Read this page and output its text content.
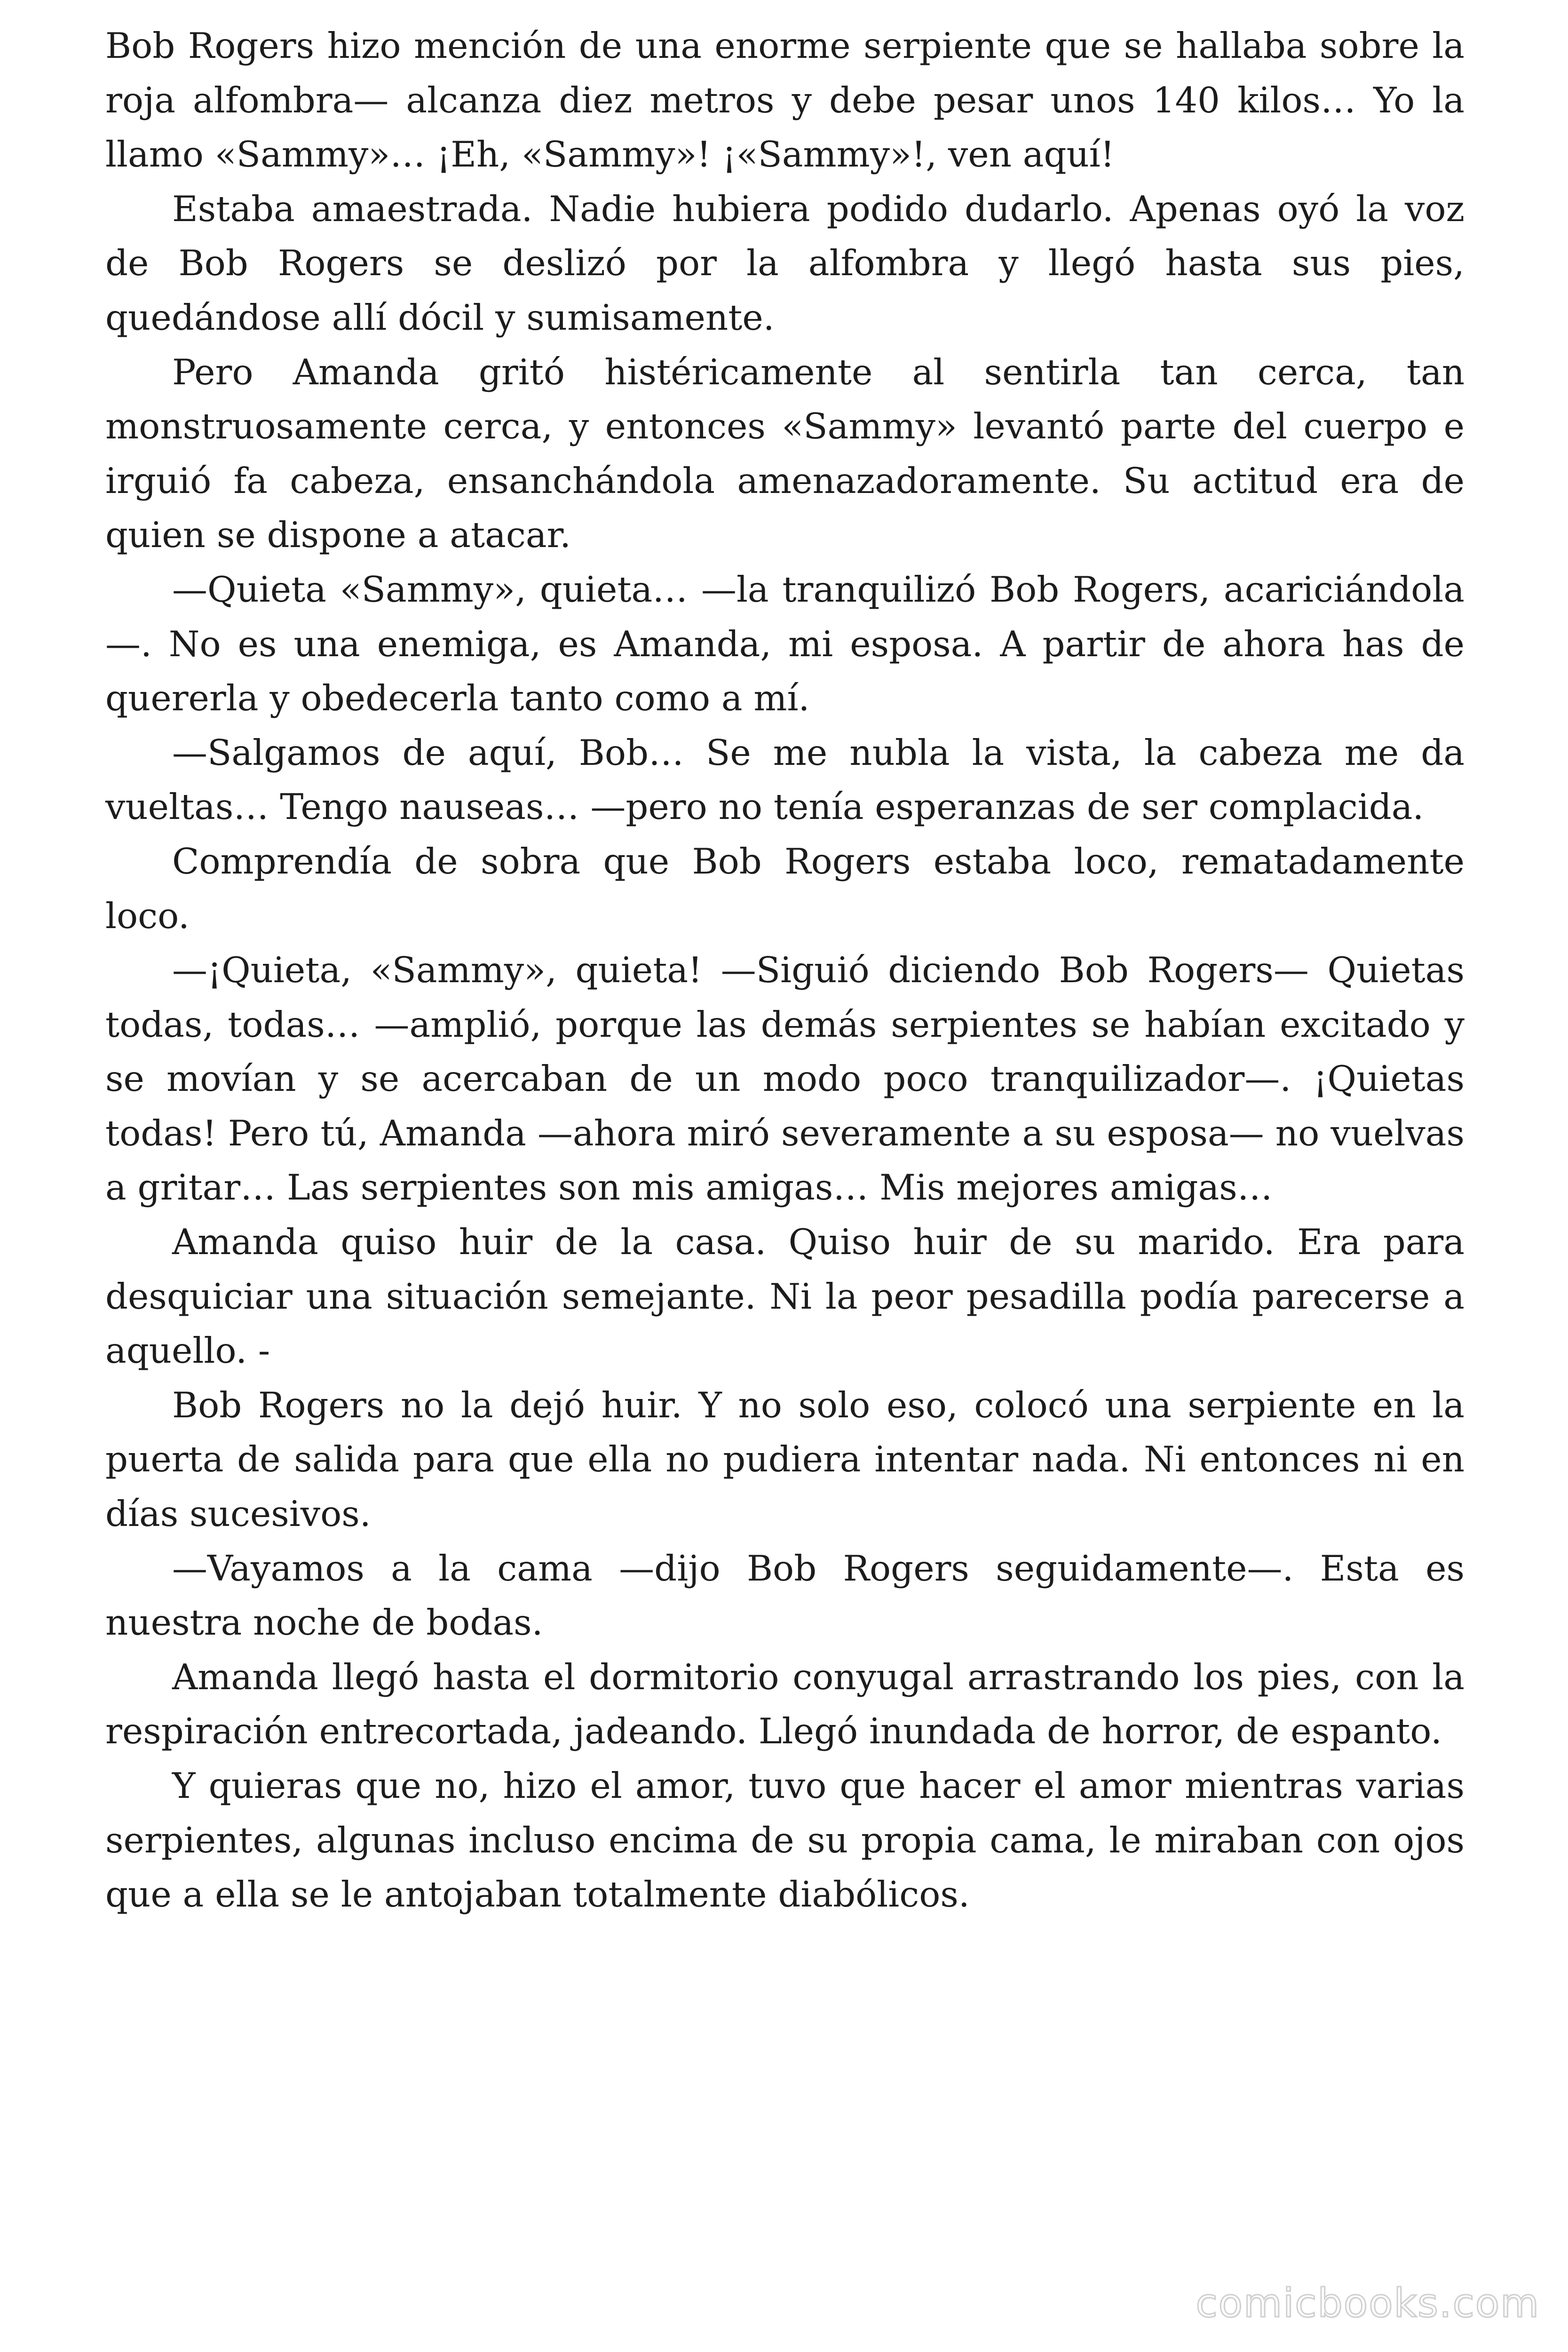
Bob Rogers hizo mención de una enorme serpiente que se hallaba sobre la roja alfombra— alcanza diez metros y debe pesar unos 140 kilos… Yo la llamo «Sammy»… ¡Eh, «Sammy»! ¡«Sammy»!, ven aquí!

Estaba amaestrada. Nadie hubiera podido dudarlo. Apenas oyó la voz de Bob Rogers se deslizó por la alfombra y llegó hasta sus pies, quedándose allí dócil y sumisamente.

Pero Amanda gritó histéricamente al sentirla tan cerca, tan monstruosamente cerca, y entonces «Sammy» levantó parte del cuerpo e irguió fa cabeza, ensanchándola amenazadoramente. Su actitud era de quien se dispone a atacar.

—Quieta «Sammy», quieta… —la tranquilizó Bob Rogers, acariciándola—. No es una enemiga, es Amanda, mi esposa. A partir de ahora has de quererla y obedecerla tanto como a mí.

—Salgamos de aquí, Bob… Se me nubla la vista, la cabeza me da vueltas… Tengo nauseas… —pero no tenía esperanzas de ser complacida.

Comprendía de sobra que Bob Rogers estaba loco, rematadamente loco.

—¡Quieta, «Sammy», quieta! —Siguió diciendo Bob Rogers— Quietas todas, todas… —amplió, porque las demás serpientes se habían excitado y se movían y se acercaban de un modo poco tranquilizador—. ¡Quietas todas! Pero tú, Amanda —ahora miró severamente a su esposa— no vuelvas a gritar… Las serpientes son mis amigas… Mis mejores amigas…

Amanda quiso huir de la casa. Quiso huir de su marido. Era para desquiciar una situación semejante. Ni la peor pesadilla podía parecerse a aquello. -

Bob Rogers no la dejó huir. Y no solo eso, colocó una serpiente en la puerta de salida para que ella no pudiera intentar nada. Ni entonces ni en días sucesivos.

—Vayamos a la cama —dijo Bob Rogers seguidamente—. Esta es nuestra noche de bodas.

Amanda llegó hasta el dormitorio conyugal arrastrando los pies, con la respiración entrecortada, jadeando. Llegó inundada de horror, de espanto.

Y quieras que no, hizo el amor, tuvo que hacer el amor mientras varias serpientes, algunas incluso encima de su propia cama, le miraban con ojos que a ella se le antojaban totalmente diabólicos.

comicbooks.com
